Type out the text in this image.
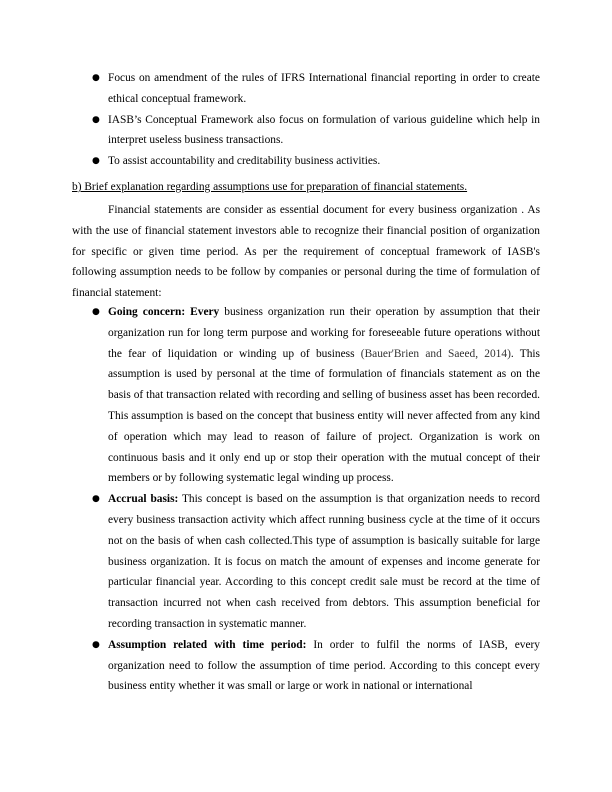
● Focus on amendment of the rules of IFRS International financial reporting in order to create ethical conceptual framework.
● IASB’s Conceptual Framework also focus on formulation of various guideline which help in interpret useless business transactions.
● To assist accountability and creditability business activities.
b) Brief explanation regarding assumptions use for preparation of financial statements.
Financial statements are consider as essential document for every business organization . As with the use of financial statement investors able to recognize their financial position of organization for specific or given time period. As per the requirement of conceptual framework of IASB's following assumption needs to be follow by companies or personal during the time of formulation of financial statement:
● Going concern: Every business organization run their operation by assumption that their organization run for long term purpose and working for foreseeable future operations without the fear of liquidation or winding up of business (Bauer'Brien and Saeed, 2014). This assumption is used by personal at the time of formulation of financials statement as on the basis of that transaction related with recording and selling of business asset has been recorded. This assumption is based on the concept that business entity will never affected from any kind of operation which may lead to reason of failure of project. Organization is work on continuous basis and it only end up or stop their operation with the mutual concept of their members or by following systematic legal winding up process.
● Accrual basis: This concept is based on the assumption is that organization needs to record every business transaction activity which affect running business cycle at the time of it occurs not on the basis of when cash collected.This type of assumption is basically suitable for large business organization. It is focus on match the amount of expenses and income generate for particular financial year. According to this concept credit sale must be record at the time of transaction incurred not when cash received from debtors. This assumption beneficial for recording transaction in systematic manner.
● Assumption related with time period: In order to fulfil the norms of IASB, every organization need to follow the assumption of time period. According to this concept every business entity whether it was small or large or work in national or international
